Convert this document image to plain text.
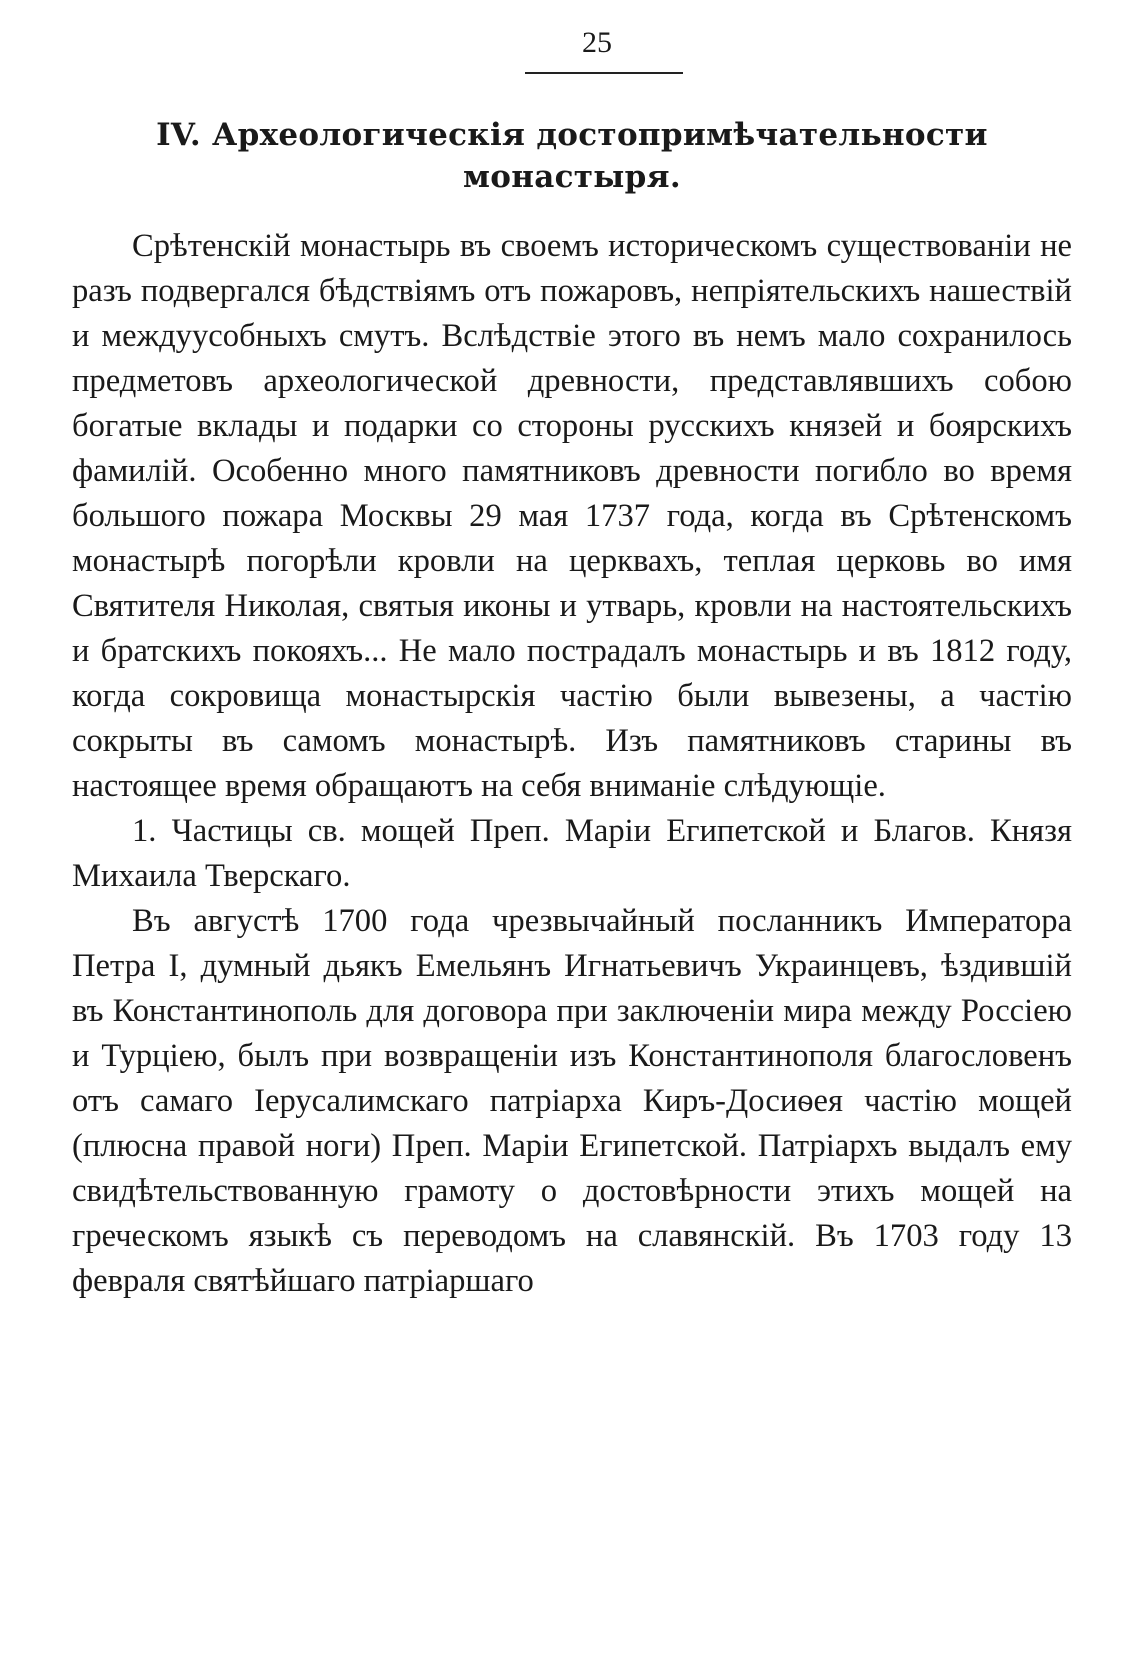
25
IV. Археологическія достопримѣчательности монастыря.

Срѣтенскій монастырь въ своемъ историческомъ существованіи не разъ подвергался бѣдствіямъ отъ пожаровъ, непріятельскихъ нашествій и междуусобныхъ смутъ. Вслѣдствіе этого въ немъ мало сохранилось предметовъ археологической древности, представлявшихъ собою богатые вклады и подарки со стороны русскихъ князей и боярскихъ фамилій. Особенно много памятниковъ древности погибло во время большого пожара Москвы 29 мая 1737 года, когда въ Срѣтенскомъ монастырѣ погорѣли кровли на церквахъ, теплая церковь во имя Святителя Николая, святыя иконы и утварь, кровли на настоятельскихъ и братскихъ покояхъ... Не мало пострадалъ монастырь и въ 1812 году, когда сокровища монастырскія частію были вывезены, а частію сокрыты въ самомъ монастырѣ. Изъ памятниковъ старины въ настоящее время обращаютъ на себя вниманіе слѣдующіе.

1. Частицы св. мощей Преп. Маріи Египетской и Благов. Князя Михаила Тверскаго.

Въ августѣ 1700 года чрезвычайный посланникъ Императора Петра I, думный дьякъ Емельянъ Игнатьевичъ Украинцевъ, ѣздившій въ Константинополь для договора при заключеніи мира между Россіею и Турціею, былъ при возвращеніи изъ Константинополя благословенъ отъ самаго Іерусалимскаго патріарха Киръ-Досиѳея частію мощей (плюсна правой ноги) Преп. Маріи Египетской. Патріархъ выдалъ ему свидѣтельствованную грамоту о достовѣрности этихъ мощей на греческомъ языкѣ съ переводомъ на славянскій. Въ 1703 году 13 февраля святѣйшаго патріаршаго
